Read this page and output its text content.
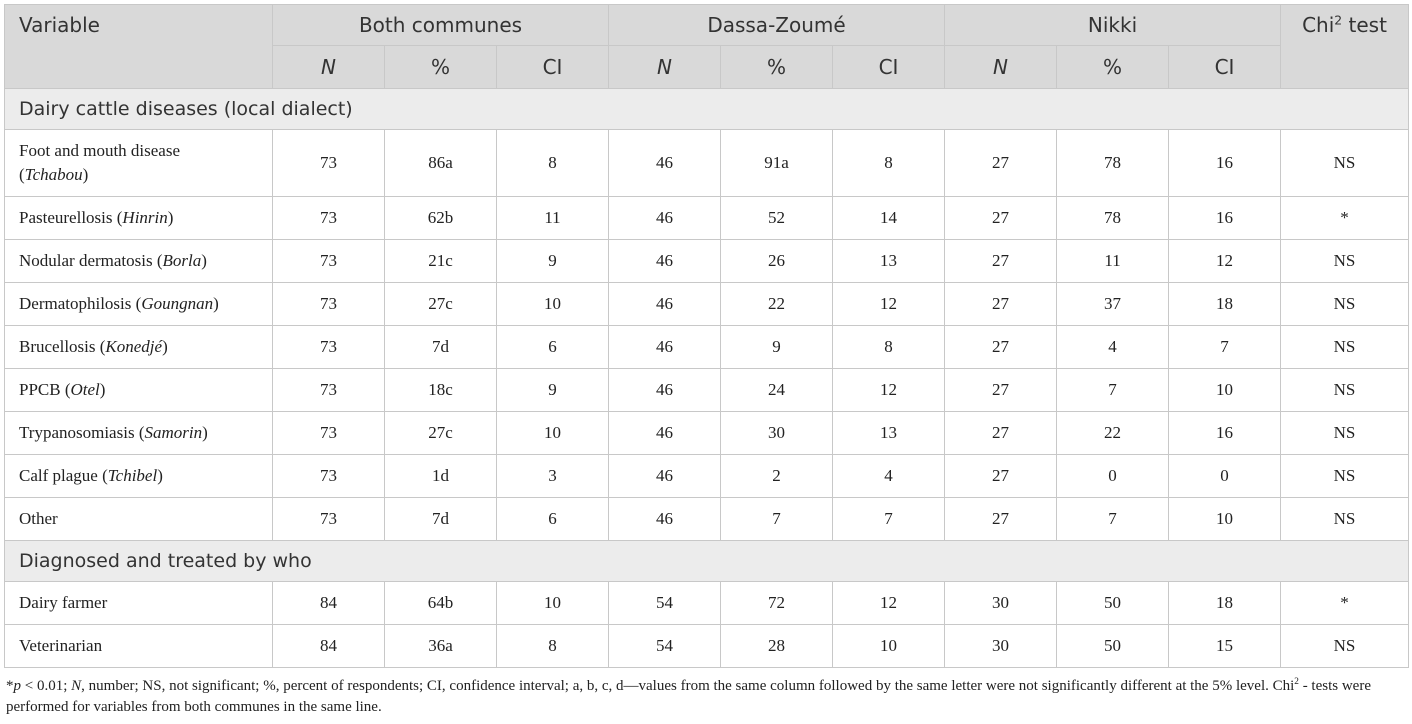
Variable	Both communes			Dassa-Zoumé			Nikki			Chi$^2$ test
	N	%	CI	N	%	CI	N	%	CI	
Dairy cattle diseases (local dialect)										
Foot and mouth disease
(Tchabou)	73	86a	8	46	91a	8	27	78	16	NS
Pasteurellosis (Hinrin)	73	62b	11	46	52	14	27	78	16	*
Nodular dermatosis (Borla)	73	21c	9	46	26	13	27	11	12	NS
Dermatophilosis (Goungnan)	73	27c	10	46	22	12	27	37	18	NS
Brucellosis (Konedjé)	73	7d	6	46	9	8	27	4	7	NS
PPCB (Otel)	73	18c	9	46	24	12	27	7	10	NS
Trypanosomiasis (Samorin)	73	27c	10	46	30	13	27	22	16	NS
Calf plague (Tchibel)	73	1d	3	46	2	4	27	0	0	NS
Other	73	7d	6	46	7	7	27	7	10	NS
Diagnosed and treated by who										
Dairy farmer	84	64b	10	54	72	12	30	50	18	*
Veterinarian	84	36a	8	54	28	10	30	50	15	NS
*p < 0.01; N, number; NS, not significant; %, percent of respondents; CI, confidence interval; a, b, c, d—values from the same column followed by the same letter were not significantly different at the 5% level. Chi$^2$ - tests were performed for variables from both communes in the same line.
